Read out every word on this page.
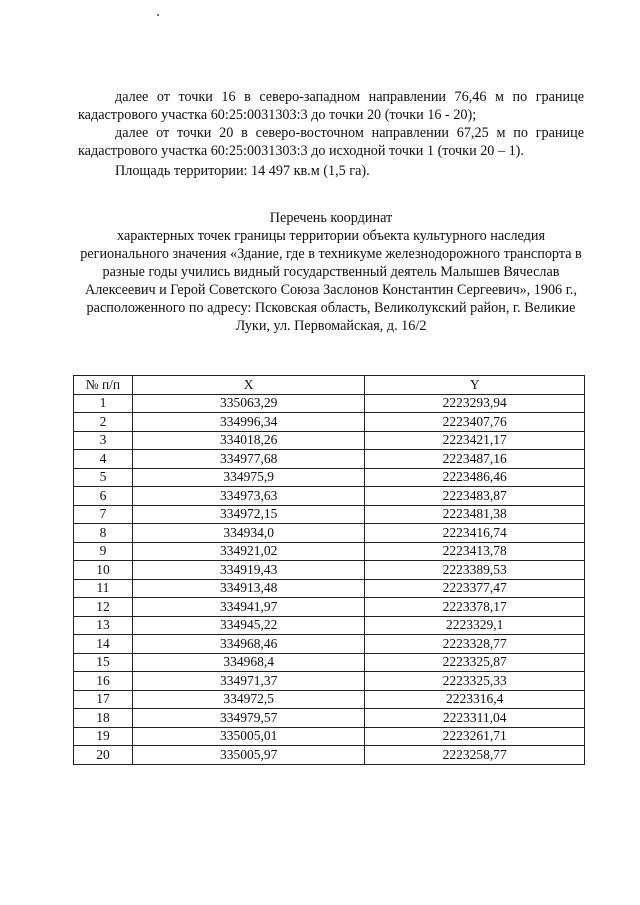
далее от точки 16 в северо-западном направлении 76,46 м по границе кадастрового участка 60:25:0031303:3 до точки 20 (точки 16 - 20);

далее от точки 20 в северо-восточном направлении 67,25 м по границе кадастрового участка 60:25:0031303:3 до исходной точки 1 (точки 20 – 1).

Площадь территории: 14 497 кв.м (1,5 га).

Перечень координат
характерных точек границы территории объекта культурного наследия регионального значения «Здание, где в техникуме железнодорожного транспорта в разные годы учились видный государственный деятель Малышев Вячеслав Алексеевич и Герой Советского Союза Заслонов Константин Сергеевич», 1906 г., расположенного по адресу: Псковская область, Великолукский район, г. Великие Луки, ул. Первомайская, д. 16/2
№ п/п	X	Y
1	335063,29	2223293,94
2	334996,34	2223407,76
3	334018,26	2223421,17
4	334977,68	2223487,16
5	334975,9	2223486,46
6	334973,63	2223483,87
7	334972,15	2223481,38
8	334934,0	2223416,74
9	334921,02	2223413,78
10	334919,43	2223389,53
11	334913,48	2223377,47
12	334941,97	2223378,17
13	334945,22	2223329,1
14	334968,46	2223328,77
15	334968,4	2223325,87
16	334971,37	2223325,33
17	334972,5	2223316,4
18	334979,57	2223311,04
19	335005,01	2223261,71
20	335005,97	2223258,77
